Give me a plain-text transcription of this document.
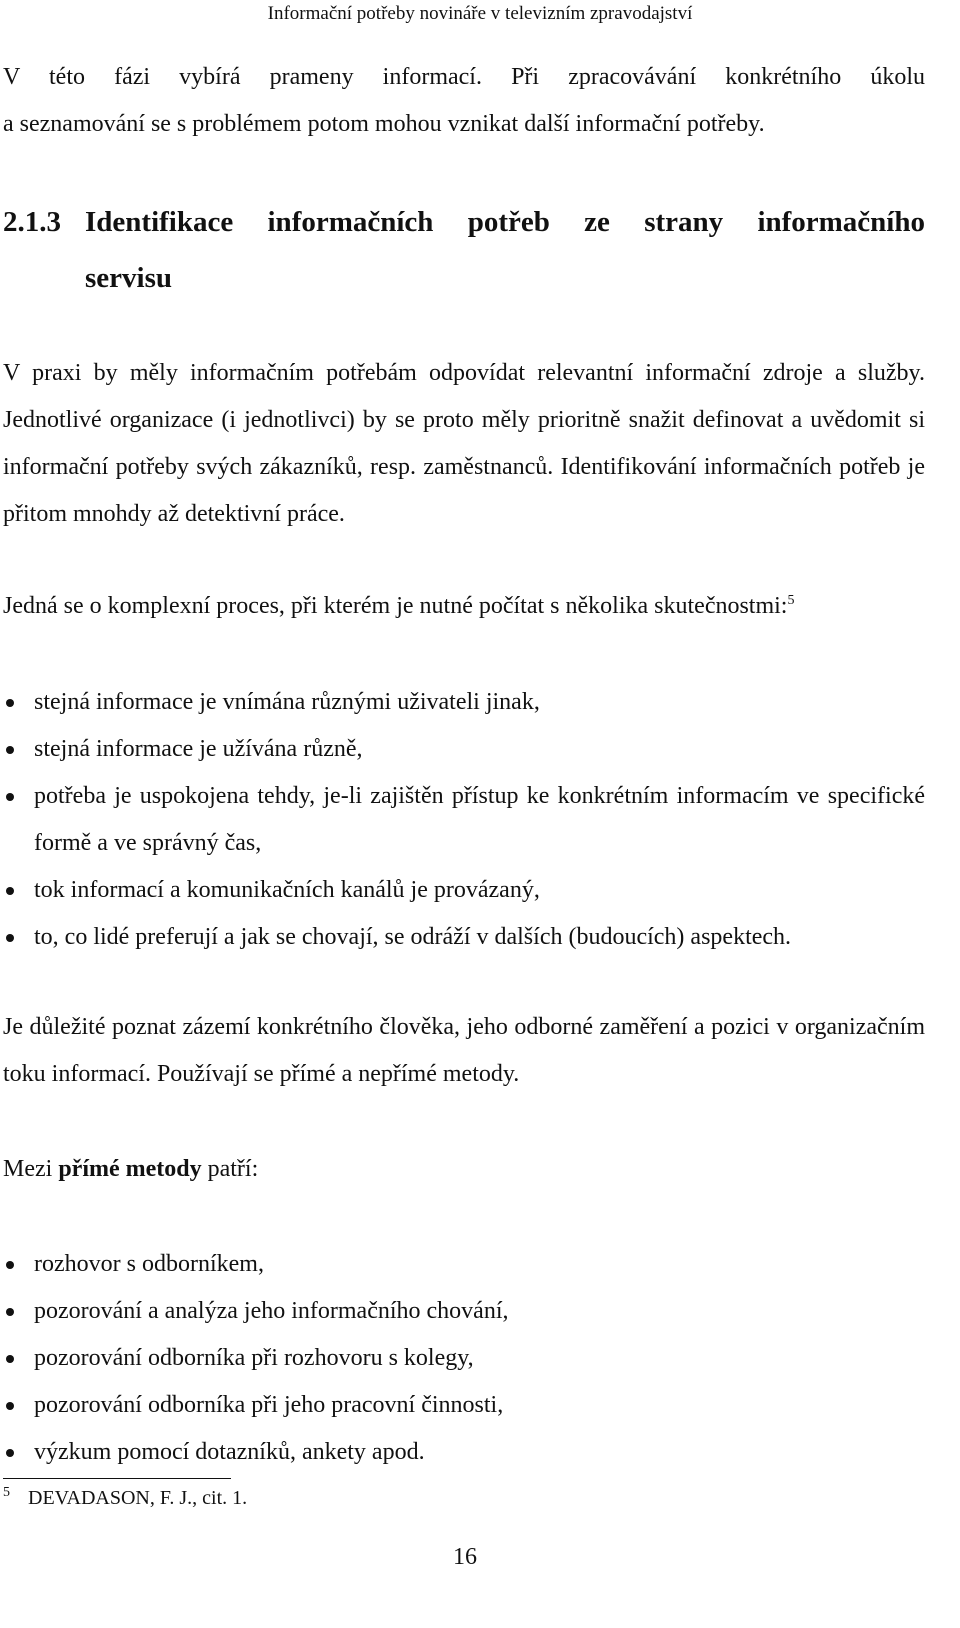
Informační potřeby novináře v televizním zpravodajství
V této fázi vybírá prameny informací. Při zpracovávání konkrétního úkolu
a seznamování se s problémem potom mohou vznikat další informační potřeby.
2.1.3 Identifikace informačních potřeb ze strany informačního
servisu
V praxi by měly informačním potřebám odpovídat relevantní informační zdroje a služby. Jednotlivé organizace (i jednotlivci) by se proto měly prioritně snažit definovat a uvědomit si informační potřeby svých zákazníků, resp. zaměstnanců. Identifikování informačních potřeb je přitom mnohdy až detektivní práce.
Jedná se o komplexní proces, při kterém je nutné počítat s několika skutečnostmi:$^5$
stejná informace je vnímána různými uživateli jinak,
stejná informace je užívána různě,
potřeba je uspokojena tehdy, je-li zajištěn přístup ke konkrétním informacím ve specifické formě a ve správný čas,
tok informací a komunikačních kanálů je provázaný,
to, co lidé preferují a jak se chovají, se odráží v dalších (budoucích) aspektech.
Je důležité poznat zázemí konkrétního člověka, jeho odborné zaměření a pozici v organizačním toku informací. Používají se přímé a nepřímé metody.
Mezi přímé metody patří:
rozhovor s odborníkem,
pozorování a analýza jeho informačního chování,
pozorování odborníka při rozhovoru s kolegy,
pozorování odborníka při jeho pracovní činnosti,
výzkum pomocí dotazníků, ankety apod.
$^5$ DEVADASON, F. J., cit. 1.
16
